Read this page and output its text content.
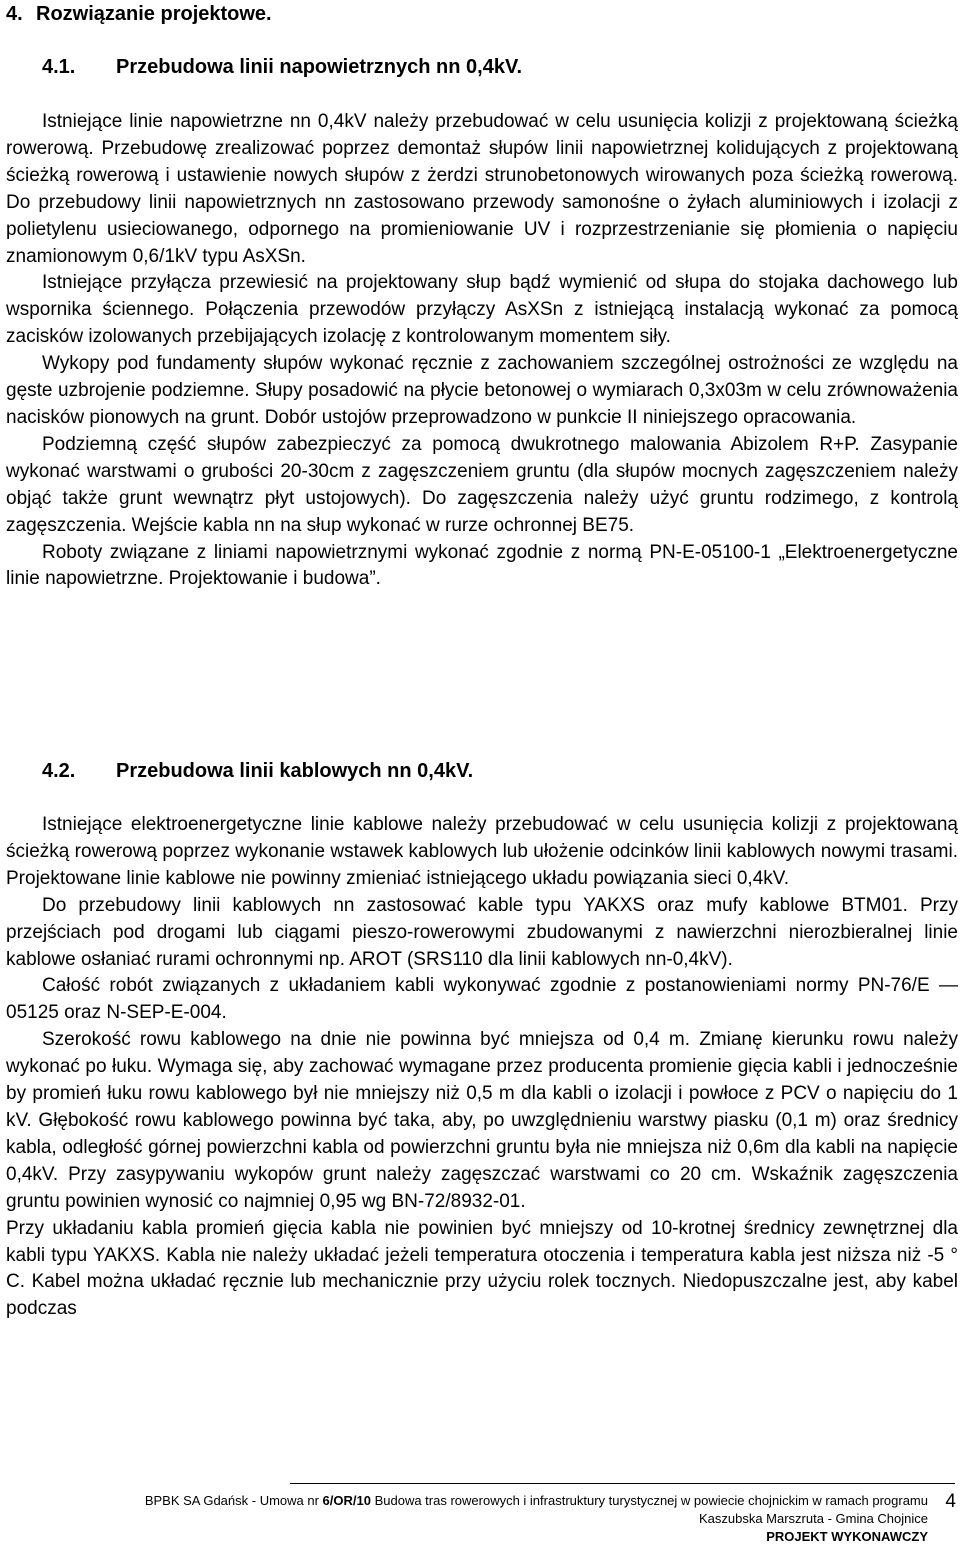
4. Rozwiązanie projektowe.
4.1. Przebudowa linii napowietrznych nn 0,4kV.

Istniejące linie napowietrzne nn 0,4kV należy przebudować w celu usunięcia kolizji z projektowaną ścieżką rowerową. Przebudowę zrealizować poprzez demontaż słupów linii napowietrznej kolidujących z projektowaną ścieżką rowerową i ustawienie nowych słupów z żerdzi strunobetonowych wirowanych poza ścieżką rowerową. Do przebudowy linii napowietrznych nn zastosowano przewody samonośne o żyłach aluminiowych i izolacji z polietylenu usieciowanego, odpornego na promieniowanie UV i rozprzestrzenianie się płomienia o napięciu znamionowym 0,6/1kV typu AsXSn.

Istniejące przyłącza przewiesić na projektowany słup bądź wymienić od słupa do stojaka dachowego lub wspornika ściennego. Połączenia przewodów przyłączy AsXSn z istniejącą instalacją wykonać za pomocą zacisków izolowanych przebijających izolację z kontrolowanym momentem siły.

Wykopy pod fundamenty słupów wykonać ręcznie z zachowaniem szczególnej ostrożności ze względu na gęste uzbrojenie podziemne. Słupy posadowić na płycie betonowej o wymiarach 0,3x03m w celu zrównoważenia nacisków pionowych na grunt. Dobór ustojów przeprowadzono w punkcie II niniejszego opracowania.

Podziemną część słupów zabezpieczyć za pomocą dwukrotnego malowania Abizolem R+P. Zasypanie wykonać warstwami o grubości 20-30cm z zagęszczeniem gruntu (dla słupów mocnych zagęszczeniem należy objąć także grunt wewnątrz płyt ustojowych). Do zagęszczenia należy użyć gruntu rodzimego, z kontrolą zagęszczenia. Wejście kabla nn na słup wykonać w rurze ochronnej BE75.

Roboty związane z liniami napowietrznymi wykonać zgodnie z normą PN-E-05100-1 „Elektroenergetyczne linie napowietrzne. Projektowanie i budowa”.

4.2. Przebudowa linii kablowych nn 0,4kV.

Istniejące elektroenergetyczne linie kablowe należy przebudować w celu usunięcia kolizji z projektowaną ścieżką rowerową poprzez wykonanie wstawek kablowych lub ułożenie odcinków linii kablowych nowymi trasami. Projektowane linie kablowe nie powinny zmieniać istniejącego układu powiązania sieci 0,4kV.

Do przebudowy linii kablowych nn zastosować kable typu YAKXS oraz mufy kablowe BTM01. Przy przejściach pod drogami lub ciągami pieszo-rowerowymi zbudowanymi z nawierzchni nierozbieralnej linie kablowe osłaniać rurami ochronnymi np. AROT (SRS110 dla linii kablowych nn-0,4kV).

Całość robót związanych z układaniem kabli wykonywać zgodnie z postanowieniami normy PN-76/E — 05125 oraz N-SEP-E-004.

Szerokość rowu kablowego na dnie nie powinna być mniejsza od 0,4 m. Zmianę kierunku rowu należy wykonać po łuku. Wymaga się, aby zachować wymagane przez producenta promienie gięcia kabli i jednocześnie by promień łuku rowu kablowego był nie mniejszy niż 0,5 m dla kabli o izolacji i powłoce z PCV o napięciu do 1 kV. Głębokość rowu kablowego powinna być taka, aby, po uwzględnieniu warstwy piasku (0,1 m) oraz średnicy kabla, odległość górnej powierzchni kabla od powierzchni gruntu była nie mniejsza niż 0,6m dla kabli na napięcie 0,4kV. Przy zasypywaniu wykopów grunt należy zagęszczać warstwami co 20 cm. Wskaźnik zagęszczenia gruntu powinien wynosić co najmniej 0,95 wg BN-72/8932-01.

Przy układaniu kabla promień gięcia kabla nie powinien być mniejszy od 10-krotnej średnicy zewnętrznej dla kabli typu YAKXS. Kabla nie należy układać jeżeli temperatura otoczenia i temperatura kabla jest niższa niż -5 ° C. Kabel można układać ręcznie lub mechanicznie przy użyciu rolek tocznych. Niedopuszczalne jest, aby kabel podczas

BPBK SA Gdańsk - Umowa nr 6/OR/10 Budowa tras rowerowych i infrastruktury turystycznej w powiecie chojnickim w ramach programu
Kaszubska Marszruta - Gmina Chojnice
PROJEKT WYKONAWCZY
4
